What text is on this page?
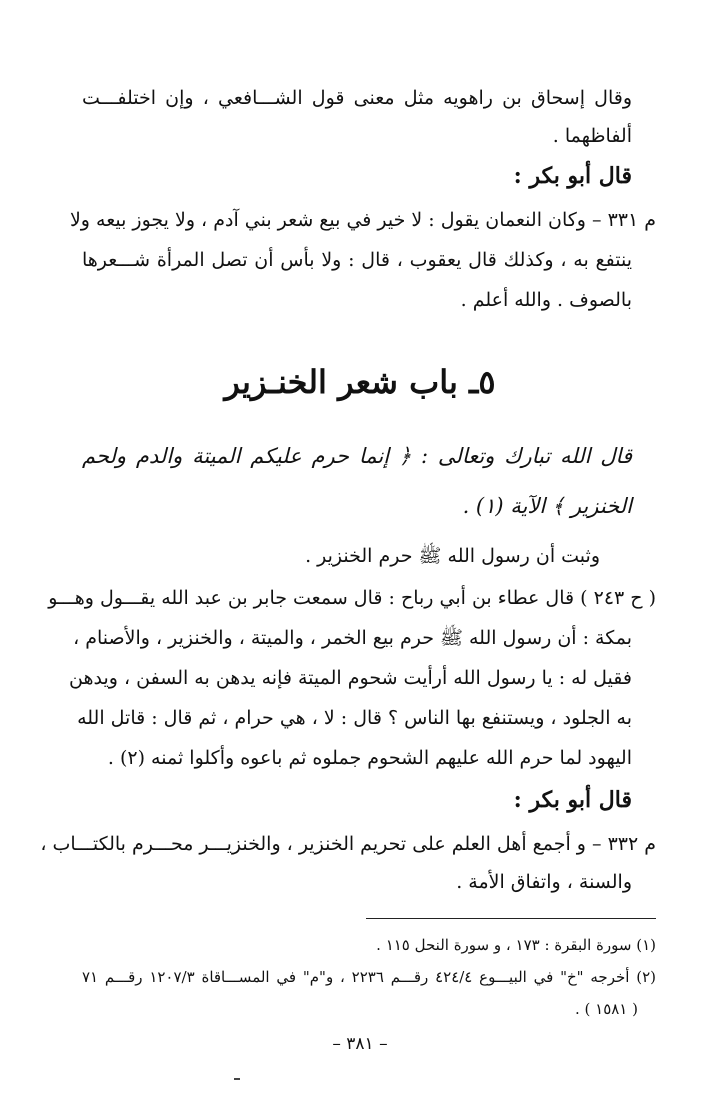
وقال إسحاق بن راهويه مثل معنى قول الشـــافعي ، وإن اختلفـــت
ألفاظهما .
قال أبو بكر :
م ٣٣١ – وكان النعمان يقول : لا خير في بيع شعر بني آدم ، ولا يجوز بيعه ولا
ينتفع به ، وكذلك قال يعقوب ، قال : ولا بأس أن تصل المرأة شـــعرها
بالصوف . والله أعلم .
٥ـ باب شعر الخنـزير
قال الله تبارك وتعالى : ﴿ إنما حرم عليكم الميتة والدم ولحم
الخنزير ﴾ الآية (١) .
وثبت أن رسول الله ﷺ حرم الخنزير .
( ح ٢٤٣ ) قال عطاء بن أبي رباح : قال سمعت جابر بن عبد الله يقـــول وهـــو
بمكة : أن رسول الله ﷺ حرم بيع الخمر ، والميتة ، والخنزير ، والأصنام ،
فقيل له : يا رسول الله أرأيت شحوم الميتة فإنه يدهن به السفن ، ويدهن
به الجلود ، ويستنفع بها الناس ؟ قال : لا ، هي حرام ، ثم قال : قاتل الله
اليهود لما حرم الله عليهم الشحوم جملوه ثم باعوه وأكلوا ثمنه (٢) .
قال أبو بكر :
م ٣٣٢ – و أجمع أهل العلم على تحريم الخنزير ، والخنزيـــر محـــرم بالكتـــاب ،
والسنة ، واتفاق الأمة .
(١) سورة البقرة : ١٧٣ ، و سورة النحل ١١٥ .
(٢) أخرجه "خ" في البيـــوع ٤٢٤/٤ رقـــم ٢٢٣٦ ، و"م" في المســـاقاة ١٢٠٧/٣ رقـــم ٧١
( ١٥٨١ ) .
– ٣٨١ –
